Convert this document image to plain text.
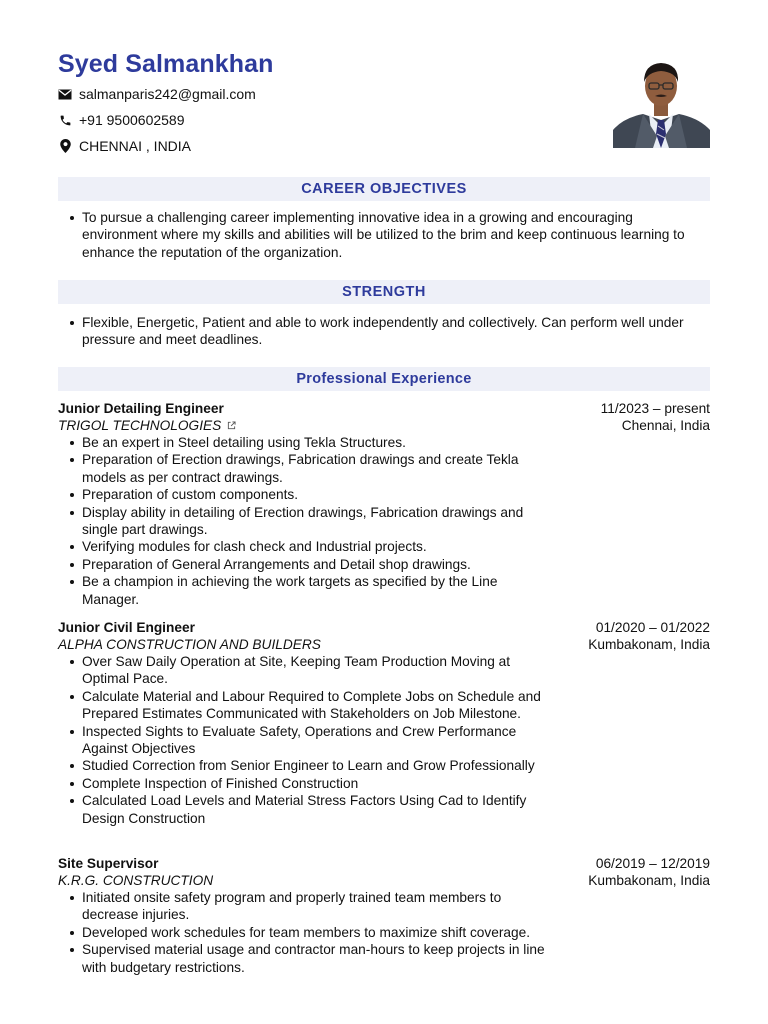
Syed Salmankhan
salmanparis242@gmail.com
+91 9500602589
CHENNAI , INDIA
CAREER OBJECTIVES
To pursue a challenging career implementing innovative idea in a growing and encouraging environment where my skills and abilities will be utilized to the brim and keep continuous learning to enhance the reputation of the organization.
STRENGTH
Flexible, Energetic, Patient and able to work independently and collectively. Can perform well under pressure and meet deadlines.
Professional Experience
Junior Detailing Engineer
TRIGOL TECHNOLOGIES
11/2023 – present
Chennai, India
Be an expert in Steel detailing using Tekla Structures.
Preparation of Erection drawings, Fabrication drawings and create Tekla models as per contract drawings.
Preparation of custom components.
Display ability in detailing of Erection drawings, Fabrication drawings and single part drawings.
Verifying modules for clash check and Industrial projects.
Preparation of General Arrangements and Detail shop drawings.
Be a champion in achieving the work targets as specified by the Line Manager.
Junior Civil Engineer
ALPHA CONSTRUCTION AND BUILDERS
01/2020 – 01/2022
Kumbakonam, India
Over Saw Daily Operation at Site, Keeping Team Production Moving at Optimal Pace.
Calculate Material and Labour Required to Complete Jobs on Schedule and Prepared Estimates Communicated with Stakeholders on Job Milestone.
Inspected Sights to Evaluate Safety, Operations and Crew Performance Against Objectives
Studied Correction from Senior Engineer to Learn and Grow Professionally
Complete Inspection of Finished Construction
Calculated Load Levels and Material Stress Factors Using Cad to Identify Design Construction
Site Supervisor
K.R.G. CONSTRUCTION
06/2019 – 12/2019
Kumbakonam, India
Initiated onsite safety program and properly trained team members to decrease injuries.
Developed work schedules for team members to maximize shift coverage.
Supervised material usage and contractor man-hours to keep projects in line with budgetary restrictions.
